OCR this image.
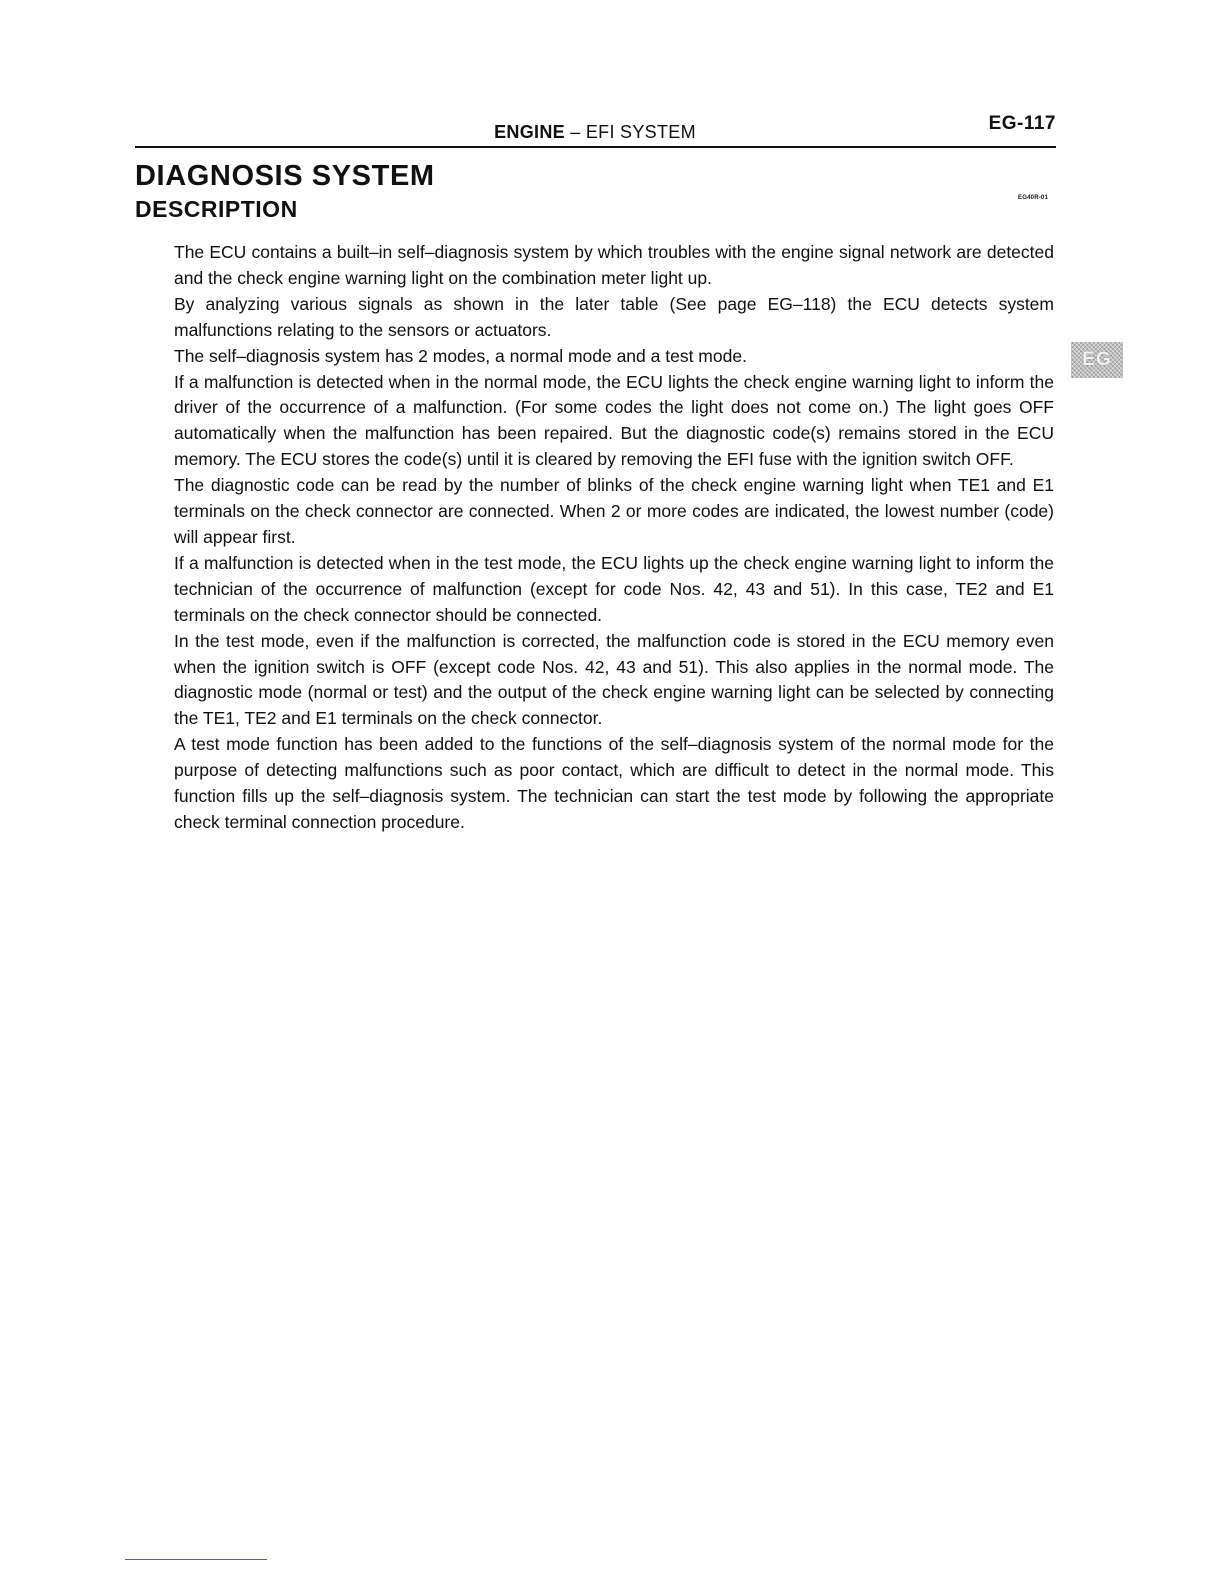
ENGINE – EFI SYSTEM	EG-117
DIAGNOSIS SYSTEM
DESCRIPTION	EG40R-01
EG
The ECU contains a built–in self–diagnosis system by which troubles with the engine signal network are detected and the check engine warning light on the combination meter light up.
By analyzing various signals as shown in the later table (See page EG–118) the ECU detects system malfunctions relating to the sensors or actuators.
The self–diagnosis system has 2 modes, a normal mode and a test mode.
If a malfunction is detected when in the normal mode, the ECU lights the check engine warning light to inform the driver of the occurrence of a malfunction. (For some codes the light does not come on.) The light goes OFF automatically when the malfunction has been repaired. But the diagnostic code(s) remains stored in the ECU memory. The ECU stores the code(s) until it is cleared by removing the EFI fuse with the ignition switch OFF.
The diagnostic code can be read by the number of blinks of the check engine warning light when TE1 and E1 terminals on the check connector are connected. When 2 or more codes are indicated, the lowest number (code) will appear first.
If a malfunction is detected when in the test mode, the ECU lights up the check engine warning light to inform the technician of the occurrence of malfunction (except for code Nos. 42, 43 and 51). In this case, TE2 and E1 terminals on the check connector should be connected.
In the test mode, even if the malfunction is corrected, the malfunction code is stored in the ECU memory even when the ignition switch is OFF (except code Nos. 42, 43 and 51). This also applies in the normal mode. The diagnostic mode (normal or test) and the output of the check engine warning light can be selected by connecting the TE1, TE2 and E1 terminals on the check connector.
A test mode function has been added to the functions of the self–diagnosis system of the normal mode for the purpose of detecting malfunctions such as poor contact, which are difficult to detect in the normal mode. This function fills up the self–diagnosis system. The technician can start the test mode by following the appropriate check terminal connection procedure.
